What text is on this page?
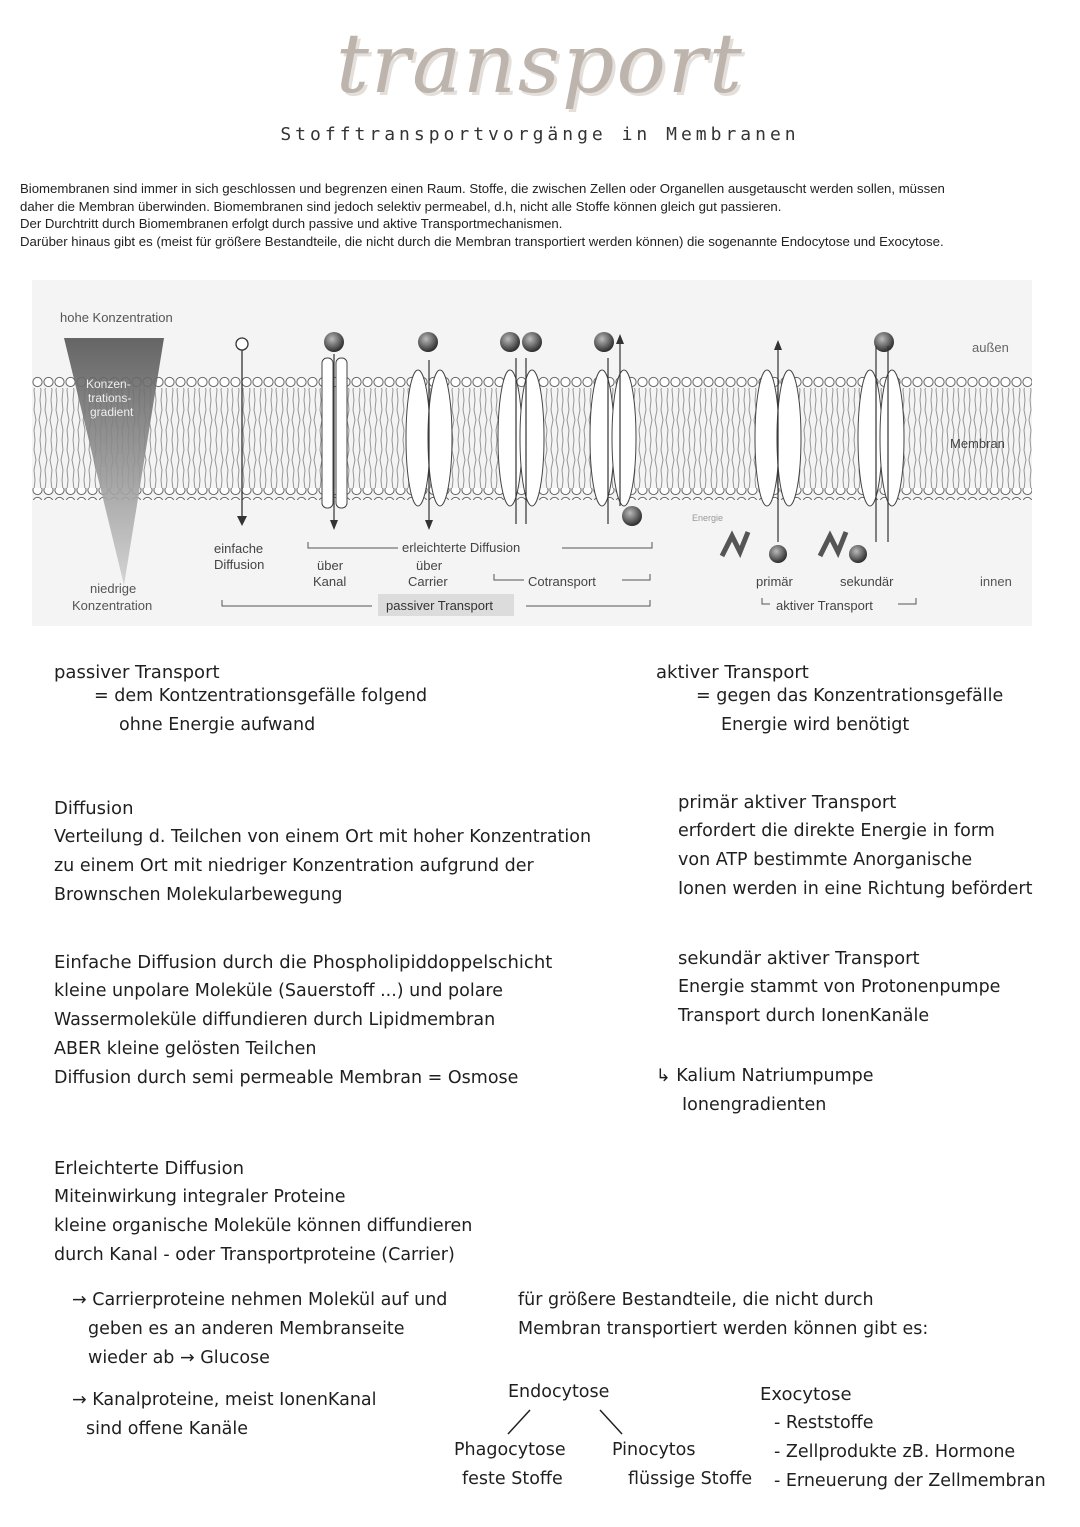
transport
Stofftransportvorgänge in Membranen

Biomembranen sind immer in sich geschlossen und begrenzen einen Raum. Stoffe, die zwischen Zellen oder Organellen ausgetauscht werden sollen, müssen

daher die Membran überwinden. Biomembranen sind jedoch selektiv permeabel, d.h, nicht alle Stoffe können gleich gut passieren.

Der Durchtritt durch Biomembranen erfolgt durch passive und aktive Transportmechanismen.

Darüber hinaus gibt es (meist für größere Bestandteile, die nicht durch die Membran transportiert werden können) die sogenannte Endocytose und Exocytose.

hohe Konzentration
niedrige
Konzentration
Konzen-
trations-
gradient
Energie
außen
Membran
innen
einfache
Diffusion
erleichterte Diffusion
über
Kanal
über
Carrier	Cotransport
passiver Transport
primär	sekundär
aktiver Transport

passiver Transport

= dem Kontzentrationsgefälle folgend

ohne Energie aufwand

aktiver Transport

= gegen das Konzentrationsgefälle

Energie wird benötigt

Diffusion

Verteilung d. Teilchen von einem Ort mit hoher Konzentration

zu einem Ort mit niedriger Konzentration aufgrund der

Brownschen Molekularbewegung

primär aktiver Transport

erfordert die direkte Energie in form

von ATP bestimmte Anorganische

Ionen werden in eine Richtung befördert

Einfache Diffusion durch die Phospholipiddoppelschicht

kleine unpolare Moleküle (Sauerstoff ...) und polare

Wassermoleküle diffundieren durch Lipidmembran

ABER kleine gelösten Teilchen

Diffusion durch semi permeable Membran = Osmose

sekundär aktiver Transport

Energie stammt von Protonenpumpe

Transport durch IonenKanäle

↳ Kalium Natriumpumpe

Ionengradienten

Erleichterte Diffusion

Miteinwirkung integraler Proteine

kleine organische Moleküle können diffundieren

durch Kanal - oder Transportproteine (Carrier)

→ Carrierproteine nehmen Molekül auf und

geben es an anderen Membranseite

wieder ab → Glucose

→ Kanalproteine, meist IonenKanal

sind offene Kanäle

für größere Bestandteile, die nicht durch

Membran transportiert werden können gibt es:

Endocytose

Phagocytose

feste Stoffe

Pinocytos

flüssige Stoffe

Exocytose

- Reststoffe

- Zellprodukte zB. Hormone

- Erneuerung der Zellmembran
